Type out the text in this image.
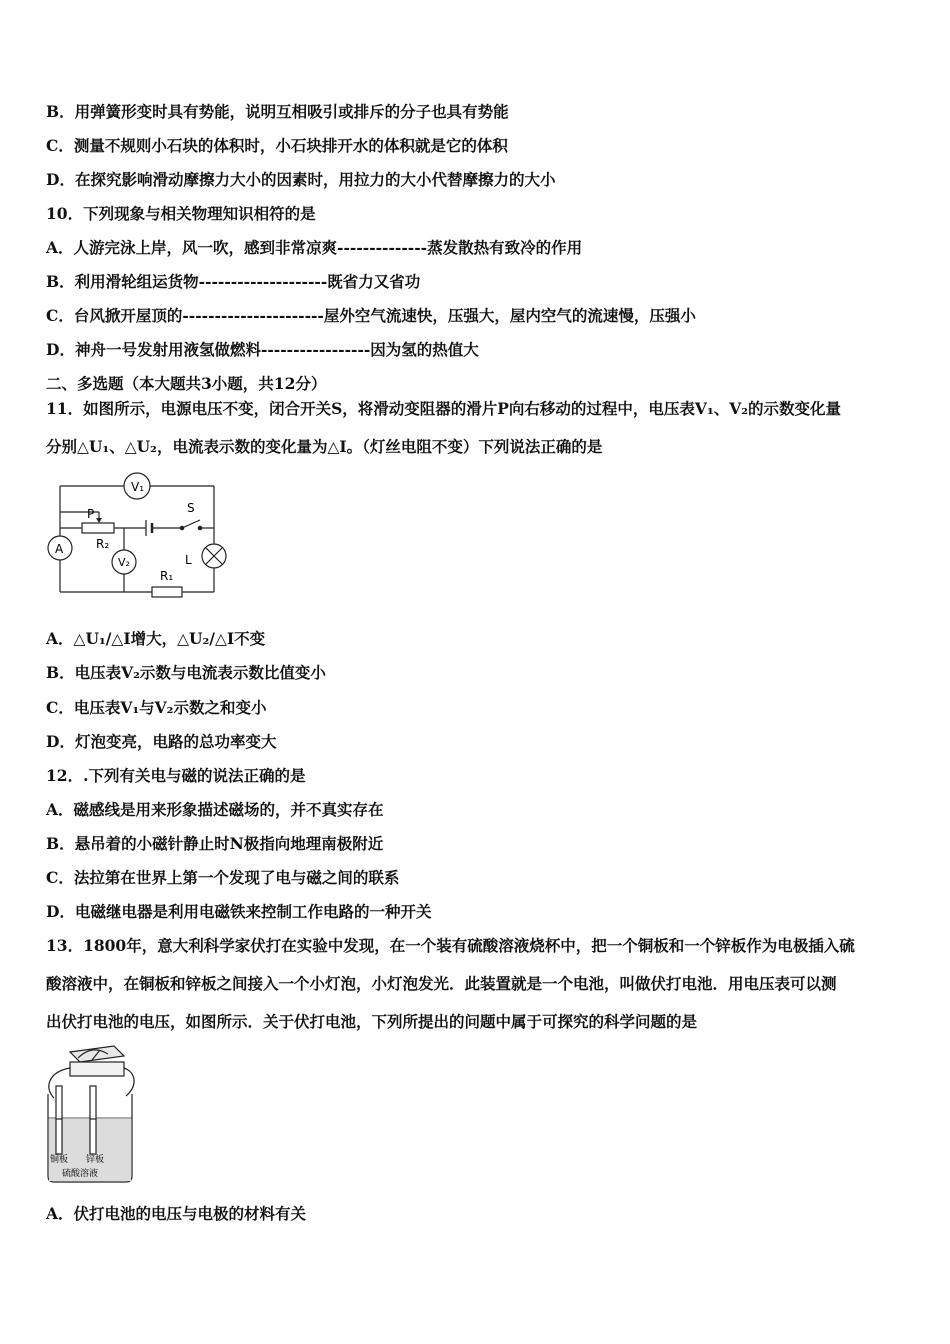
B．用弹簧形变时具有势能，说明互相吸引或排斥的分子也具有势能
C．测量不规则小石块的体积时，小石块排开水的体积就是它的体积
D．在探究影响滑动摩擦力大小的因素时，用拉力的大小代替摩擦力的大小
10．下列现象与相关物理知识相符的是
A．人游完泳上岸，风一吹，感到非常凉爽--------------蒸发散热有致冷的作用
B．利用滑轮组运货物--------------------既省力又省功
C．台风掀开屋顶的----------------------屋外空气流速快，压强大，屋内空气的流速慢，压强小
D．神舟一号发射用液氢做燃料-----------------因为氢的热值大
二、多选题（本大题共3小题，共12分）
11．如图所示，电源电压不变，闭合开关S，将滑动变阻器的滑片P向右移动的过程中，电压表V₁、V₂的示数变化量
分别△U₁、△U₂，电流表示数的变化量为△I。（灯丝电阻不变）下列说法正确的是
V₁
A
P
R₂
V₂
R₁
S
L
A．△U₁/△I增大，△U₂/△I不变
B．电压表V₂示数与电流表示数比值变小
C．电压表V₁与V₂示数之和变小
D．灯泡变亮，电路的总功率变大
12．.下列有关电与磁的说法正确的是
A．磁感线是用来形象描述磁场的，并不真实存在
B．悬吊着的小磁针静止时N极指向地理南极附近
C．法拉第在世界上第一个发现了电与磁之间的联系
D．电磁继电器是利用电磁铁来控制工作电路的一种开关
13．1800年，意大利科学家伏打在实验中发现，在一个装有硫酸溶液烧杯中，把一个铜板和一个锌板作为电极插入硫
酸溶液中，在铜板和锌板之间接入一个小灯泡，小灯泡发光．此装置就是一个电池，叫做伏打电池．用电压表可以测
出伏打电池的电压，如图所示．关于伏打电池，下列所提出的问题中属于可探究的科学问题的是
铜板 锌板
硫酸溶液
A．伏打电池的电压与电极的材料有关
